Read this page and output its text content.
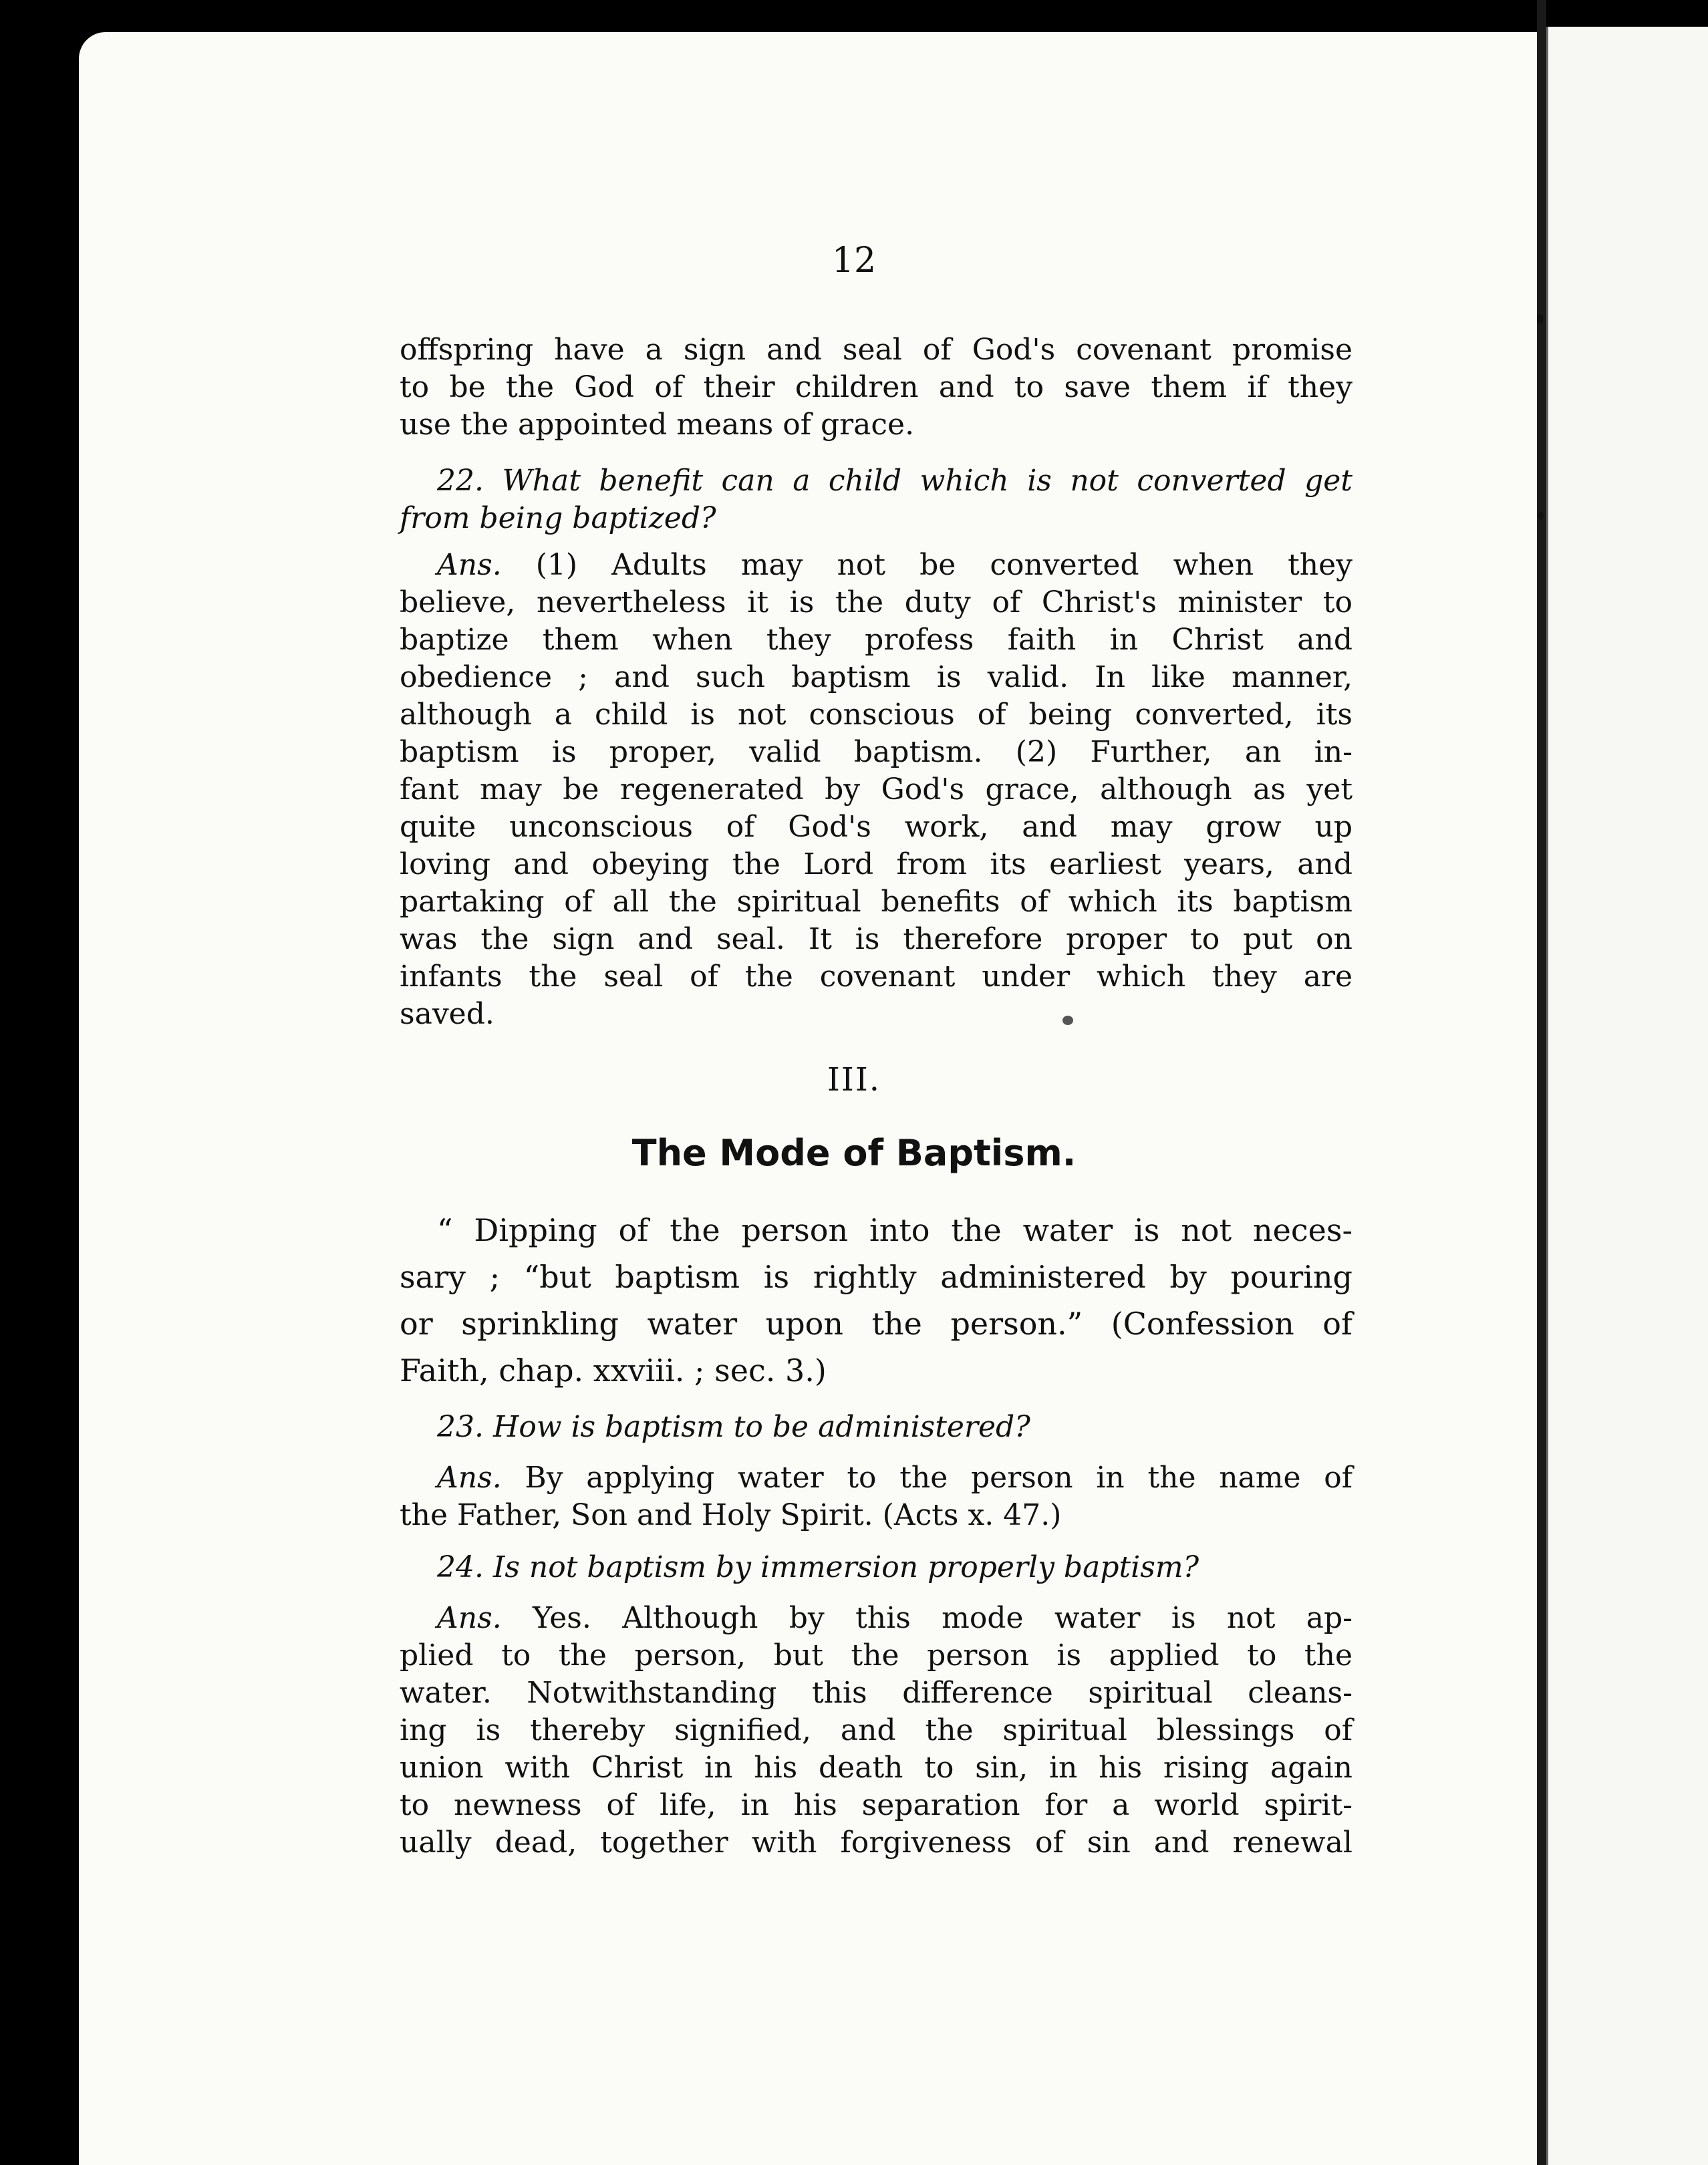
12
offspring have a sign and seal of God's covenant promise
to be the God of their children and to save them if they
use the appointed means of grace.
22. What benefit can a child which is not converted get
from being baptized?
Ans. (1) Adults may not be converted when they
believe, nevertheless it is the duty of Christ's minister to
baptize them when they profess faith in Christ and
obedience ; and such baptism is valid. In like manner,
although a child is not conscious of being converted, its
baptism is proper, valid baptism. (2) Further, an in-
fant may be regenerated by God's grace, although as yet
quite unconscious of God's work, and may grow up
loving and obeying the Lord from its earliest years, and
partaking of all the spiritual benefits of which its baptism
was the sign and seal. It is therefore proper to put on
infants the seal of the covenant under which they are
saved.
III.
The Mode of Baptism.
“ Dipping of the person into the water is not neces-
sary ; “but baptism is rightly administered by pouring
or sprinkling water upon the person.” (Confession of
Faith, chap. xxviii. ; sec. 3.)
23. How is baptism to be administered?
Ans. By applying water to the person in the name of
the Father, Son and Holy Spirit. (Acts x. 47.)
24. Is not baptism by immersion properly baptism?
Ans. Yes. Although by this mode water is not ap-
plied to the person, but the person is applied to the
water. Notwithstanding this difference spiritual cleans-
ing is thereby signified, and the spiritual blessings of
union with Christ in his death to sin, in his rising again
to newness of life, in his separation for a world spirit-
ually dead, together with forgiveness of sin and renewal
